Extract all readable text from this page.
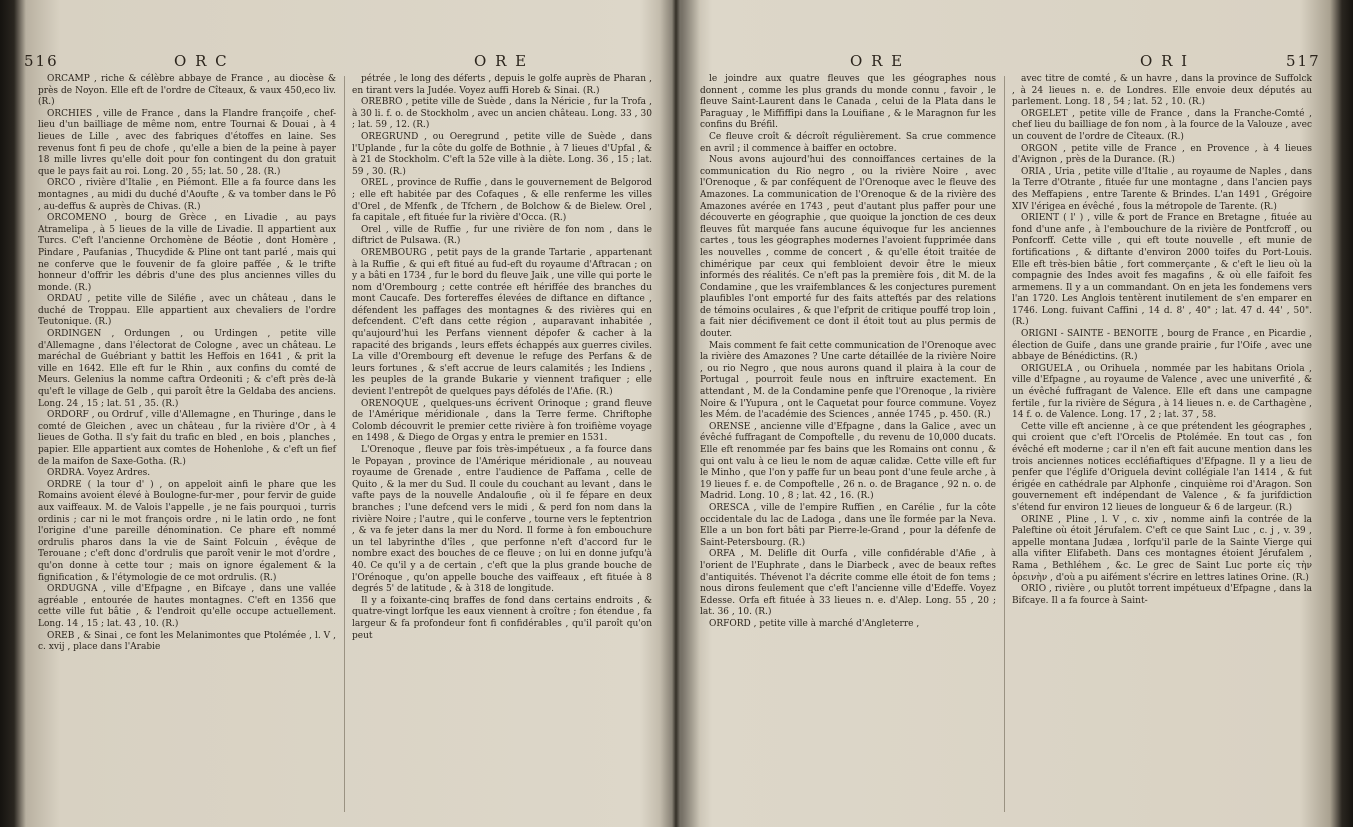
516	O R C	O R E

ORCAMP , riche & célèbre abbaye de France , au diocèse & près de Noyon. Elle eft de l'ordre de Cîteaux, & vaux 450,eco liv. (R.)

ORCHIES , ville de France , dans la Flandre françoife , chef-lieu d'un bailliage de même nom, entre Tournai & Douai , à 4 lieues de Lille , avec des fabriques d'étoffes en laine. Ses revenus font fi peu de chofe , qu'elle a bien de la peine à payer 18 mille livres qu'elle doit pour fon contingent du don gratuit que le pays fait au roi. Long. 20 , 55; lat. 50 , 28. (R.)

ORCO , rivière d'Italie , en Piémont. Elle a fa fource dans les montagnes , au midi du duché d'Aoufte , & va tomber dans le Pô , au-deffus & auprès de Chivas. (R.)

ORCOMENO , bourg de Grèce , en Livadie , au pays Atramelipa , à 5 lieues de la ville de Livadie. Il appartient aux Turcs. C'eft l'ancienne Orchomène de Béotie , dont Homère , Pindare , Paufanias , Thucydide & Pline ont tant parlé , mais qui ne conferve que le fouvenir de fa gloire paffée , & le trifte honneur d'offrir les débris d'une des plus anciennes villes du monde. (R.)

ORDAU , petite ville de Siléfie , avec un château , dans le duché de Troppau. Elle appartient aux chevaliers de l'ordre Teutonique. (R.)

ORDINGEN , Ordungen , ou Urdingen , petite ville d'Allemagne , dans l'électorat de Cologne , avec un château. Le maréchal de Guébriant y battit les Heffois en 1641 , & prit la ville en 1642. Elle eft fur le Rhin , aux confins du comté de Meurs. Gelenius la nomme caftra Ordeoniti ; & c'eft près de-là qu'eft le village de Gelb , qui paroît être la Geldaba des anciens. Long. 24 , 15 ; lat. 51 , 35. (R.)

ORDORF , ou Ordruf , ville d'Allemagne , en Thuringe , dans le comté de Gleichen , avec un château , fur la rivière d'Or , à 4 lieues de Gotha. Il s'y fait du trafic en bled , en bois , planches , papier. Elle appartient aux comtes de Hohenlohe , & c'eft un fief de la maifon de Saxe-Gotha. (R.)

ORDRA. Voyez Ardres.

ORDRE ( la tour d' ) , on appeloit ainfi le phare que les Romains avoient élevé à Boulogne-fur-mer , pour fervir de guide aux vaiffeaux. M. de Valois l'appelle , je ne fais pourquoi , turris ordinis ; car ni le mot françois ordre , ni le latin ordo , ne font l'origine d'une pareille dénomination. Ce phare eft nommé ordrulis pharos dans la vie de Saint Folcuin , évêque de Terouane ; c'eft donc d'ordrulis que paroît venir le mot d'ordre , qu'on donne à cette tour ; mais on ignore également & la fignification , & l'étymologie de ce mot ordrulis. (R.)

ORDUGNA , ville d'Efpagne , en Bifcaye , dans une vallée agréable , entourée de hautes montagnes. C'eft en 1356 que cette ville fut bâtie , & l'endroit qu'elle occupe actuellement. Long. 14 , 15 ; lat. 43 , 10. (R.)

OREB , & Sinai , ce font les Melanimontes que Ptolémée , l. V , c. xvij , place dans l'Arabie

pétrée , le long des déferts , depuis le golfe auprès de Pharan , en tirant vers la Judée. Voyez auffi Horeb & Sinai. (R.)

OREBRO , petite ville de Suède , dans la Néricie , fur la Trofa , à 30 li. f. o. de Stockholm , avec un ancien château. Long. 33 , 30 ; lat. 59 , 12. (R.)

OREGRUND , ou Oeregrund , petite ville de Suède , dans l'Uplande , fur la côte du golfe de Bothnie , à 7 lieues d'Upfal , & à 21 de Stockholm. C'eft la 52e ville à la diète. Long. 36 , 15 ; lat. 59 , 30. (R.)

OREL , province de Ruffie , dans le gouvernement de Belgorod ; elle eft habitée par des Cofaques , & elle renferme les villes d'Orel , de Mfenfk , de Tfchern , de Bolchow & de Bielew. Orel , fa capitale , eft fituée fur la rivière d'Occa. (R.)

Orel , ville de Ruffie , fur une rivière de fon nom , dans le diftrict de Pulsawa. (R.)

OREMBOURG , petit pays de la grande Tartarie , appartenant à la Ruffie , & qui eft fitué au fud-eft du royaume d'Aftracan ; on y a bâti en 1734 , fur le bord du fleuve Jaik , une ville qui porte le nom d'Orembourg ; cette contrée eft hériffée des branches du mont Caucafe. Des fortereffes élevées de diftance en diftance , défendent les paffages des montagnes & des rivières qui en defcendent. C'eft dans cette région , auparavant inhabitée , qu'aujourd'hui les Perfans viennent dépofer & cacher à la rapacité des brigands , leurs effets échappés aux guerres civiles. La ville d'Orembourg eft devenue le refuge des Perfans & de leurs fortunes , & s'eft accrue de leurs calamités ; les Indiens , les peuples de la grande Bukarie y viennent trafiquer ; elle devient l'entrepôt de quelques pays défolés de l'Afie. (R.)

ORENOQUE , quelques-uns écrivent Orinoque ; grand fleuve de l'Amérique méridionale , dans la Terre ferme. Chriftophe Colomb découvrit le premier cette rivière à fon troifième voyage en 1498 , & Diego de Orgas y entra le premier en 1531.

L'Orenoque , fleuve par fois très-impétueux , a fa fource dans le Popayan , province de l'Amérique méridionale , au nouveau royaume de Grenade , entre l'audience de Paffama , celle de Quito , & la mer du Sud. Il coule du couchant au levant , dans le vafte pays de la nouvelle Andaloufie , où il fe fépare en deux branches ; l'une defcend vers le midi , & perd fon nom dans la rivière Noire ; l'autre , qui le conferve , tourne vers le feptentrion , & va fe jeter dans la mer du Nord. Il forme à fon embouchure un tel labyrinthe d'îles , que perfonne n'eft d'accord fur le nombre exact des bouches de ce fleuve ; on lui en donne jufqu'à 40. Ce qu'il y a de certain , c'eft que la plus grande bouche de l'Orénoque , qu'on appelle bouche des vaiffeaux , eft fituée à 8 degrés 5' de latitude , & à 318 de longitude.

Il y a foixante-cinq braffes de fond dans certains endroits , & quatre-vingt lorfque les eaux viennent à croître ; fon étendue , fa largeur & fa profondeur font fi confidérables , qu'il paroît qu'on peut

O R E	O R I	517

le joindre aux quatre fleuves que les géographes nous donnent , comme les plus grands du monde connu , favoir , le fleuve Saint-Laurent dans le Canada , celui de la Plata dans le Paraguay , le Miffiffipi dans la Louifiane , & le Maragnon fur les confins du Bréfil.

Ce fleuve croît & décroît régulièrement. Sa crue commence en avril ; il commence à baiffer en octobre.

Nous avons aujourd'hui des connoiffances certaines de la communication du Rio negro , ou la rivière Noire , avec l'Orenoque , & par conféquent de l'Orenoque avec le fleuve des Amazones. La communication de l'Orenoque & de la rivière des Amazones avérée en 1743 , peut d'autant plus paffer pour une découverte en géographie , que quoique la jonction de ces deux fleuves fût marquée fans aucune équivoque fur les anciennes cartes , tous les géographes modernes l'avoient fupprimée dans les nouvelles , comme de concert , & qu'elle étoit traitée de chimérique par ceux qui fembloient devoir être le mieux informés des réalités. Ce n'eft pas la première fois , dit M. de la Condamine , que les vraifemblances & les conjectures purement plaufibles l'ont emporté fur des faits atteftés par des relations de témoins oculaires , & que l'efprit de critique pouffé trop loin , a fait nier décifivement ce dont il étoit tout au plus permis de douter.

Mais comment fe fait cette communication de l'Orenoque avec la rivière des Amazones ? Une carte détaillée de la rivière Noire , ou rio Negro , que nous aurons quand il plaira à la cour de Portugal , pourroit feule nous en inftruire exactement. En attendant , M. de la Condamine penfe que l'Orenoque , la rivière Noire & l'Yupura , ont le Caquetat pour fource commune. Voyez les Mém. de l'académie des Sciences , année 1745 , p. 450. (R.)

ORENSE , ancienne ville d'Efpagne , dans la Galice , avec un évêché fuffragant de Compoftelle , du revenu de 10,000 ducats. Elle eft renommée par fes bains que les Romains ont connu , & qui ont valu à ce lieu le nom de aquæ calidæ. Cette ville eft fur le Minho , que l'on y paffe fur un beau pont d'une feule arche , à 19 lieues f. e. de Compoftelle , 26 n. o. de Bragance , 92 n. o. de Madrid. Long. 10 , 8 ; lat. 42 , 16. (R.)

ORESCA , ville de l'empire Ruffien , en Carélie , fur la côte occidentale du lac de Ladoga , dans une île formée par la Neva. Elle a un bon fort bâti par Pierre-le-Grand , pour la défenfe de Saint-Petersbourg. (R.)

ORFA , M. Delifle dit Ourfa , ville confidérable d'Afie , à l'orient de l'Euphrate , dans le Diarbeck , avec de beaux reftes d'antiquités. Thévenot l'a décrite comme elle étoit de fon tems ; nous dirons feulement que c'eft l'ancienne ville d'Edeffe. Voyez Edesse. Orfa eft fituée à 33 lieues n. e. d'Alep. Long. 55 , 20 ; lat. 36 , 10. (R.)

ORFORD , petite ville à marché d'Angleterre ,

avec titre de comté , & un havre , dans la province de Suffolck , à 24 lieues n. e. de Londres. Elle envoie deux députés au parlement. Long. 18 , 54 ; lat. 52 , 10. (R.)

ORGELET , petite ville de France , dans la Franche-Comté , chef lieu du bailliage de fon nom , à la fource de la Valouze , avec un couvent de l'ordre de Cîteaux. (R.)

ORGON , petite ville de France , en Provence , à 4 lieues d'Avignon , près de la Durance. (R.)

ORIA , Uria , petite ville d'Italie , au royaume de Naples , dans la Terre d'Otrante , fituée fur une montagne , dans l'ancien pays des Meffapiens , entre Tarente & Brindes. L'an 1491 , Grégoire XIV l'érigea en évêché , fous la métropole de Tarente. (R.)

ORIENT ( l' ) , ville & port de France en Bretagne , fituée au fond d'une anfe , à l'embouchure de la rivière de Pontfcroff , ou Ponfcorff. Cette ville , qui eft toute nouvelle , eft munie de fortifications , & diftante d'environ 2000 toifes du Port-Louis. Elle eft très-bien bâtie , fort commerçante , & c'eft le lieu où la compagnie des Indes avoit fes magafins , & où elle faifoit fes armemens. Il y a un commandant. On en jeta les fondemens vers l'an 1720. Les Anglois tentèrent inutilement de s'en emparer en 1746. Long. fuivant Caffini , 14 d. 8' , 40" ; lat. 47 d. 44' , 50". (R.)

ORIGNI - SAINTE - BENOITE , bourg de France , en Picardie , élection de Guife , dans une grande prairie , fur l'Oife , avec une abbaye de Bénédictins. (R.)

ORIGUELA , ou Orihuela , nommée par les habitans Oriola , ville d'Efpagne , au royaume de Valence , avec une univerfité , & un évêché fuffragant de Valence. Elle eft dans une campagne fertile , fur la rivière de Ségura , à 14 lieues n. e. de Carthagène , 14 f. o. de Valence. Long. 17 , 2 ; lat. 37 , 58.

Cette ville eft ancienne , à ce que prétendent les géographes , qui croient que c'eft l'Orcelis de Ptolémée. En tout cas , fon évêché eft moderne ; car il n'en eft fait aucune mention dans les trois anciennes notices eccléfiaftiques d'Efpagne. Il y a lieu de penfer que l'églife d'Origuela devint collégiale l'an 1414 , & fut érigée en cathédrale par Alphonfe , cinquième roi d'Aragon. Son gouvernement eft indépendant de Valence , & fa jurifdiction s'étend fur environ 12 lieues de longueur & 6 de largeur. (R.)

ORINE , Pline , l. V , c. xiv , nomme ainfi la contrée de la Paleftine où étoit Jérufalem. C'eft ce que Saint Luc , c. j , v. 39 , appelle montana Judæa , lorfqu'il parle de la Sainte Vierge qui alla vifiter Elifabeth. Dans ces montagnes étoient Jérufalem , Rama , Bethléhem , &c. Le grec de Saint Luc porte εἰς τὴν ὀρεινὴν , d'où a pu aifément s'écrire en lettres latines Orine. (R.)

ORIO , rivière , ou plutôt torrent impétueux d'Efpagne , dans la Bifcaye. Il a fa fource à Saint-
